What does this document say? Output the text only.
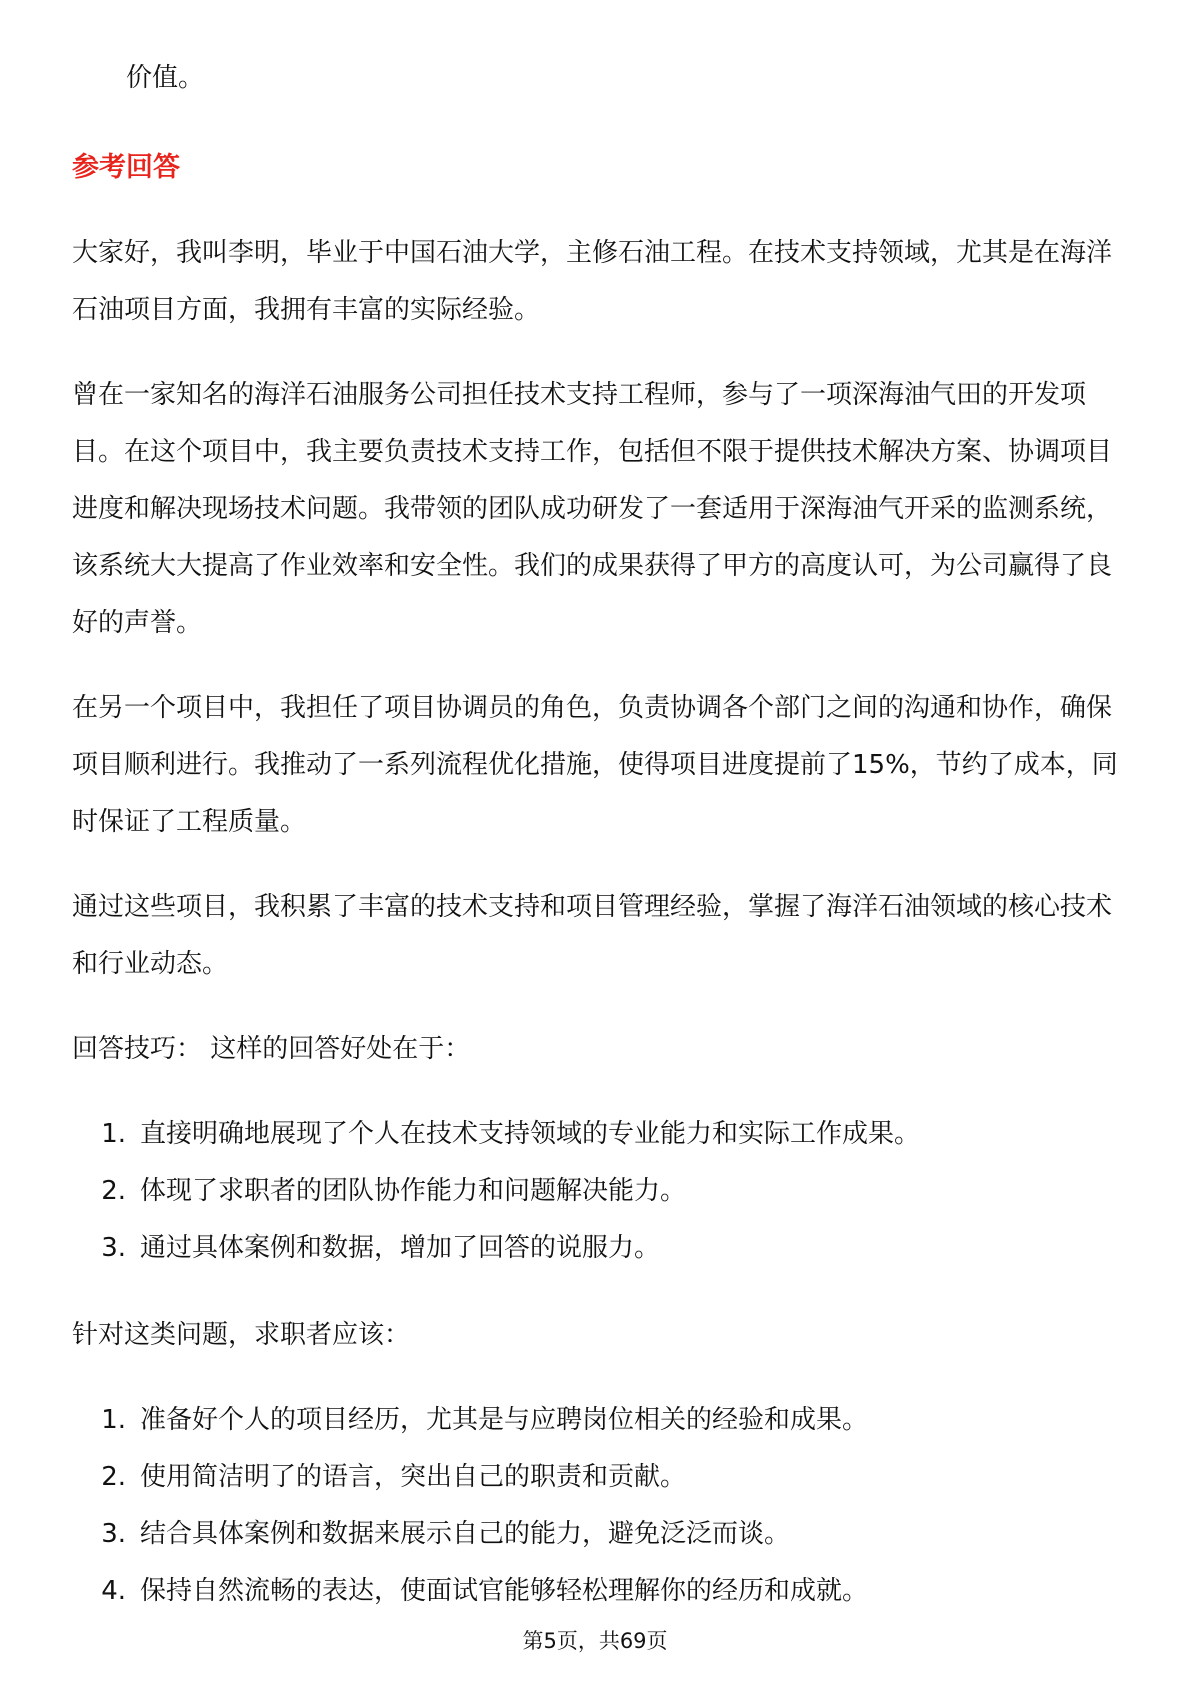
价值。

参考回答

大家好，我叫李明，毕业于中国石油大学，主修石油工程。在技术支持领域，尤其是在海洋石油项目方面，我拥有丰富的实际经验。

曾在一家知名的海洋石油服务公司担任技术支持工程师，参与了一项深海油气田的开发项目。在这个项目中，我主要负责技术支持工作，包括但不限于提供技术解决方案、协调项目进度和解决现场技术问题。我带领的团队成功研发了一套适用于深海油气开采的监测系统，该系统大大提高了作业效率和安全性。我们的成果获得了甲方的高度认可，为公司赢得了良好的声誉。

在另一个项目中，我担任了项目协调员的角色，负责协调各个部门之间的沟通和协作，确保项目顺利进行。我推动了一系列流程优化措施，使得项目进度提前了15%，节约了成本，同时保证了工程质量。

通过这些项目，我积累了丰富的技术支持和项目管理经验，掌握了海洋石油领域的核心技术和行业动态。

回答技巧： 这样的回答好处在于：

1. 直接明确地展现了个人在技术支持领域的专业能力和实际工作成果。
2. 体现了求职者的团队协作能力和问题解决能力。
3. 通过具体案例和数据，增加了回答的说服力。

针对这类问题，求职者应该：

1. 准备好个人的项目经历，尤其是与应聘岗位相关的经验和成果。
2. 使用简洁明了的语言，突出自己的职责和贡献。
3. 结合具体案例和数据来展示自己的能力，避免泛泛而谈。
4. 保持自然流畅的表达，使面试官能够轻松理解你的经历和成就。
第5页，共69页
